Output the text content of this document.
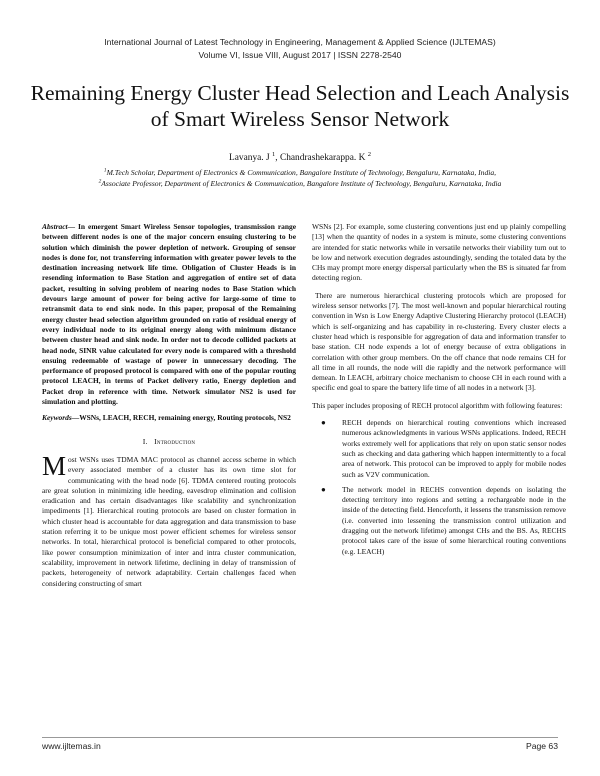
International Journal of Latest Technology in Engineering, Management & Applied Science (IJLTEMAS)
Volume VI, Issue VIII, August 2017 | ISSN 2278-2540
Remaining Energy Cluster Head Selection and Leach Analysis of Smart Wireless Sensor Network
Lavanya. J $^1$, Chandrashekarappa. K $^2$

$^1$M.Tech Scholar, Department of Electronics & Communication, Bangalore Institute of Technology, Bengaluru, Karnataka, India,

$^2$Associate Professor, Department of Electronics & Communication, Bangalore Institute of Technology, Bengaluru, Karnataka, India

Abstract— In emergent Smart Wireless Sensor topologies, transmission range between different nodes is one of the major concern ensuing clustering to be solution which diminish the power depletion of network. Grouping of sensor nodes is done for, not transferring information with greater power levels to the destination increasing network life time. Obligation of Cluster Heads is in resending information to Base Station and aggregation of entire set of data packet, resulting in solving problem of nearing nodes to Base Station which devours large amount of power for being active for large-some of time to retransmit data to end sink node. In this paper, proposal of the Remaining energy cluster head selection algorithm grounded on ratio of residual energy of every individual node to its original energy along with minimum distance between cluster head and sink node. In order not to decode collided packets at head node, SINR value calculated for every node is compared with a threshold ensuing redeemable of wastage of power in unnecessary decoding. The performance of proposed protocol is compared with one of the popular routing protocol LEACH, in terms of Packet delivery ratio, Energy depletion and Packet drop in reference with time. Network simulator NS2 is used for simulation and plotting.

Keywords—WSNs, LEACH, RECH, remaining energy, Routing protocols, NS2

I. Introduction

Most WSNs uses TDMA MAC protocol as channel access scheme in which every associated member of a cluster has its own time slot for communicating with the head node [6]. TDMA centered routing protocols are great solution in minimizing idle heeding, eavesdrop elimination and collision eradication and has certain disadvantages like scalability and synchronization impediments [1]. Hierarchical routing protocols are based on cluster formation in which cluster head is accountable for data aggregation and data transmission to base station referring it to be unique most power efficient schemes for wireless sensor networks. In total, hierarchical protocol is beneficial compared to other protocols, like power consumption minimization of inter and intra cluster communication, scalability, improvement in network lifetime, declining in delay of transmission of packets, heterogeneity of network adaptability. Certain challenges faced when considering constructing of smart

WSNs [2]. For example, some clustering conventions just end up plainly compelling [13] when the quantity of nodes in a system is minute, some clustering conventions are intended for static networks while in versatile networks their viability turn out to be low and network execution degrades astoundingly, sending the totaled data by the CHs may prompt more energy dispersal particularly when the BS is situated far from detecting region.

There are numerous hierarchical clustering protocols which are proposed for wireless sensor networks [7]. The most well-known and popular hierarchical routing convention in Wsn is Low Energy Adaptive Clustering Hierarchy protocol (LEACH) which is self-organizing and has capability in re-clustering. Every cluster elects a cluster head which is responsible for aggregation of data and information transfer to base station. CH node expends a lot of energy because of extra obligations in correlation with other group members. On the off chance that node remains CH for all time in all rounds, the node will die rapidly and the network performance will demean. In LEACH, arbitrary choice mechanism to choose CH in each round with a specific end goal to spare the battery life time of all nodes in a network [3].

This paper includes proposing of RECH protocol algorithm with following features:

● RECH depends on hierarchical routing conventions which increased numerous acknowledgments in various WSNs applications. Indeed, RECH works extremely well for applications that rely on upon static sensor nodes such as checking and data gathering which happen intermittently to a focal area of network. This protocol can be improved to apply for mobile nodes such as V2V communication.
● The network model in RECHS convention depends on isolating the detecting territory into regions and setting a rechargeable node in the inside of the detecting field. Henceforth, it lessens the transmission remove (i.e. converted into lessening the transmission control utilization and dragging out the network lifetime) amongst CHs and the BS. As, RECHS protocol takes care of the issue of some hierarchical routing conventions (e.g. LEACH)
www.ijltemas.in	Page 63
